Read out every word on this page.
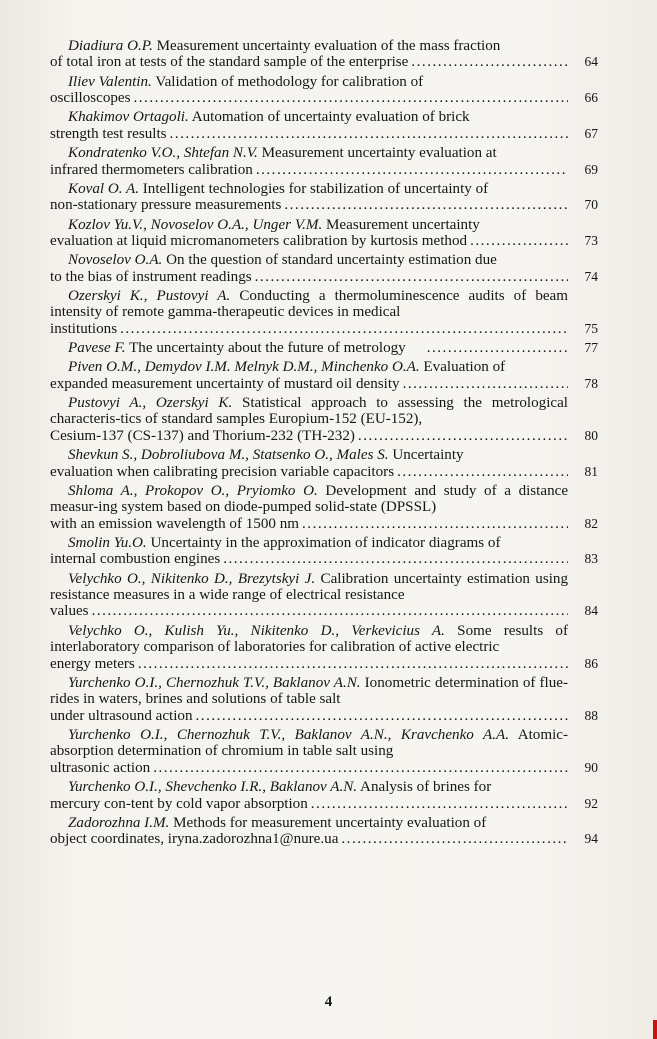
Diadiura O.P. Measurement uncertainty evaluation of the mass fraction
of total iron at tests of the standard sample of the enterprise .....	64
Iliev Valentin. Validation of methodology for calibration of
oscilloscopes .....	66
Khakimov Ortagoli. Automation of uncertainty evaluation of brick
strength test results .....	67
Kondratenko V.O., Shtefan N.V. Measurement uncertainty evaluation at
infrared thermometers calibration .....	69
Koval O. A. Intelligent technologies for stabilization of uncertainty of
non-stationary pressure measurements .....	70
Kozlov Yu.V., Novoselov O.A., Unger V.M. Measurement uncertainty
evaluation at liquid micromanometers calibration by kurtosis method .....	73
Novoselov O.A. On the question of standard uncertainty estimation due
to the bias of instrument readings .....	74
Ozerskyi K., Pustovyi A. Conducting a thermoluminescence audits of beam intensity of remote gamma-therapeutic devices in medical
institutions .....	75
Pavese F. The uncertainty about the future of metrology .....	77
Piven O.M., Demydov I.M. Melnyk D.M., Minchenko O.A. Evaluation of
expanded measurement uncertainty of mustard oil density .....	78
Pustovyi A., Ozerskyi K. Statistical approach to assessing the metrological characteris-tics of standard samples Europium-152 (EU-152),
Cesium-137 (CS-137) and Thorium-232 (TH-232) .....	80
Shevkun S., Dobroliubova M., Statsenko O., Males S. Uncertainty
evaluation when calibrating precision variable capacitors .....	81
Shloma A., Prokopov O., Pryiomko O. Development and study of a distance measur-ing system based on diode-pumped solid-state (DPSSL)
with an emission wavelength of 1500 nm .....	82
Smolin Yu.O. Uncertainty in the approximation of indicator diagrams of
internal combustion engines .....	83
Velychko O., Nikitenko D., Brezytskyi J. Calibration uncertainty estimation using resistance measures in a wide range of electrical resistance
values .....	84
Velychko O., Kulish Yu., Nikitenko D., Verkevicius A. Some results of interlaboratory comparison of laboratories for calibration of active electric
energy meters .....	86
Yurchenko O.I., Chernozhuk T.V., Baklanov A.N. Ionometric determination of flue-rides in waters, brines and solutions of table salt
under ultrasound action .....	88
Yurchenko O.I., Chernozhuk T.V., Baklanov A.N., Kravchenko A.A. Atomic-absorption determination of chromium in table salt using
ultrasonic action .....	90
Yurchenko O.I., Shevchenko I.R., Baklanov A.N. Analysis of brines for
mercury con-tent by cold vapor absorption .....	92
Zadorozhna I.M. Methods for measurement uncertainty evaluation of
object coordinates, iryna.zadorozhna1@nure.ua .....	94
4
